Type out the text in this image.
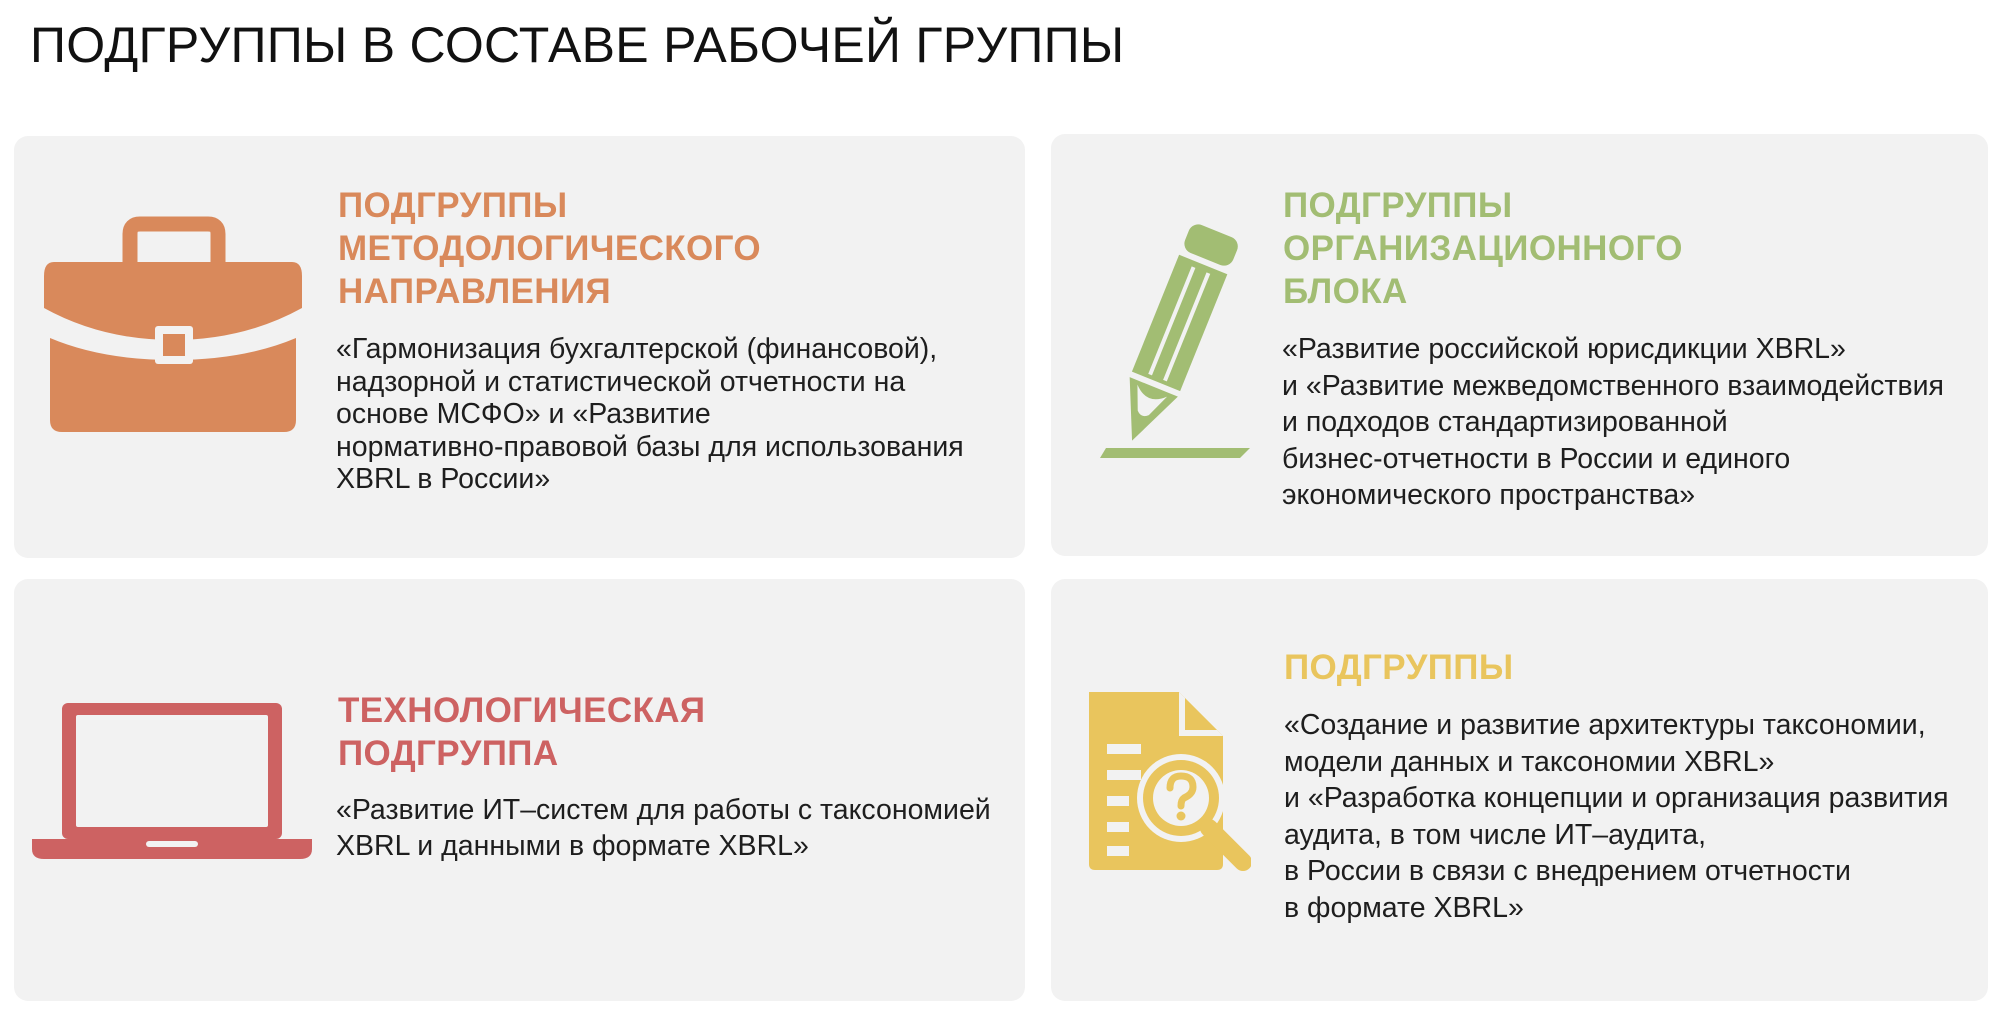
ПОДГРУППЫ В СОСТАВЕ РАБОЧЕЙ ГРУППЫ
ПОДГРУППЫ
МЕТОДОЛОГИЧЕСКОГО
НАПРАВЛЕНИЯ

«Гармонизация бухгалтерской (финансовой),
надзорной и статистической отчетности на
основe МСФО» и «Развитие
нормативно-правовой базы для использования
XBRL в России»

ПОДГРУППЫ
ОРГАНИЗАЦИОННОГО
БЛОКА

«Развитие российской юрисдикции XBRL»
и «Развитие межведомственного взаимодействия
и подходов стандартизированной
бизнес-отчетности в России и единого
экономического пространства»

ТЕХНОЛОГИЧЕСКАЯ
ПОДГРУППА

«Развитие ИТ–систем для работы с таксономией
XBRL и данными в формате XBRL»

ПОДГРУППЫ

«Создание и развитие архитектуры таксономии,
модели данных и таксономии XBRL»
и «Разработка концепции и организация развития
аудита, в том числе ИТ–аудита,
в России в связи с внедрением отчетности
в формате XBRL»
